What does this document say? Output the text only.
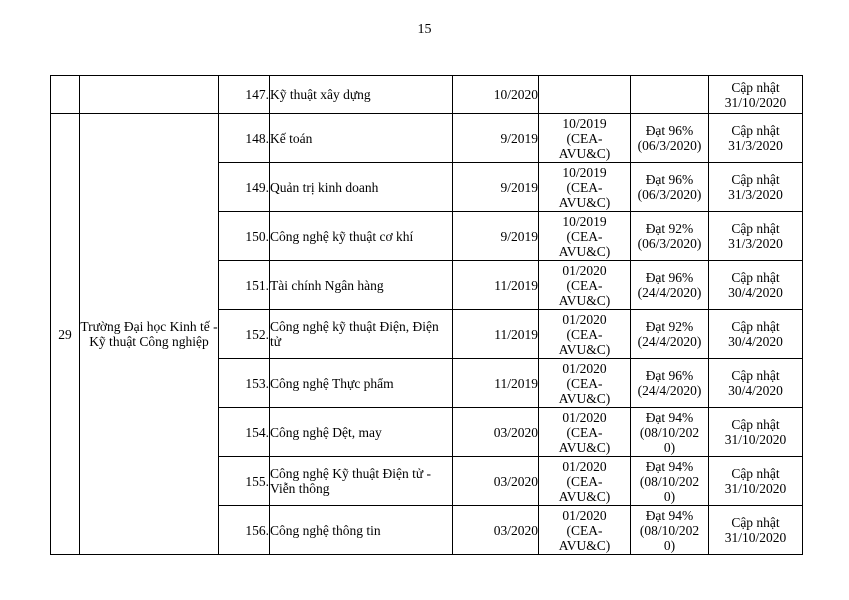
15
		147.	Kỹ thuật xây dựng	10/2020			Cập nhật
31/10/2020

29	Trường Đại học Kinh tế - Kỹ thuật Công nghiệp	148.	Kế toán	9/2019	10/2019
(CEA-
AVU&C)	Đạt 96%
(06/3/2020)	Cập nhật
31/3/2020

		149.	Quản trị kinh doanh	9/2019	10/2019
(CEA-
AVU&C)	Đạt 96%
(06/3/2020)	Cập nhật
31/3/2020

		150.	Công nghệ kỹ thuật cơ khí	9/2019	10/2019
(CEA-
AVU&C)	Đạt 92%
(06/3/2020)	Cập nhật
31/3/2020

		151.	Tài chính Ngân hàng	11/2019	01/2020
(CEA-
AVU&C)	Đạt 96%
(24/4/2020)	Cập nhật
30/4/2020

		152.	Công nghệ kỹ thuật Điện, Điện tử	11/2019	01/2020
(CEA-
AVU&C)	Đạt 92%
(24/4/2020)	Cập nhật
30/4/2020

		153.	Công nghệ Thực phẩm	11/2019	01/2020
(CEA-
AVU&C)	Đạt 96%
(24/4/2020)	Cập nhật
30/4/2020

		154.	Công nghệ Dệt, may	03/2020	01/2020
(CEA-
AVU&C)	Đạt 94%
(08/10/202
0)	Cập nhật
31/10/2020

		155.	Công nghệ Kỹ thuật Điện tử - Viễn thông	03/2020	01/2020
(CEA-
AVU&C)	Đạt 94%
(08/10/202
0)	Cập nhật
31/10/2020

		156.	Công nghệ thông tin	03/2020	01/2020
(CEA-
AVU&C)	Đạt 94%
(08/10/202
0)	Cập nhật
31/10/2020
